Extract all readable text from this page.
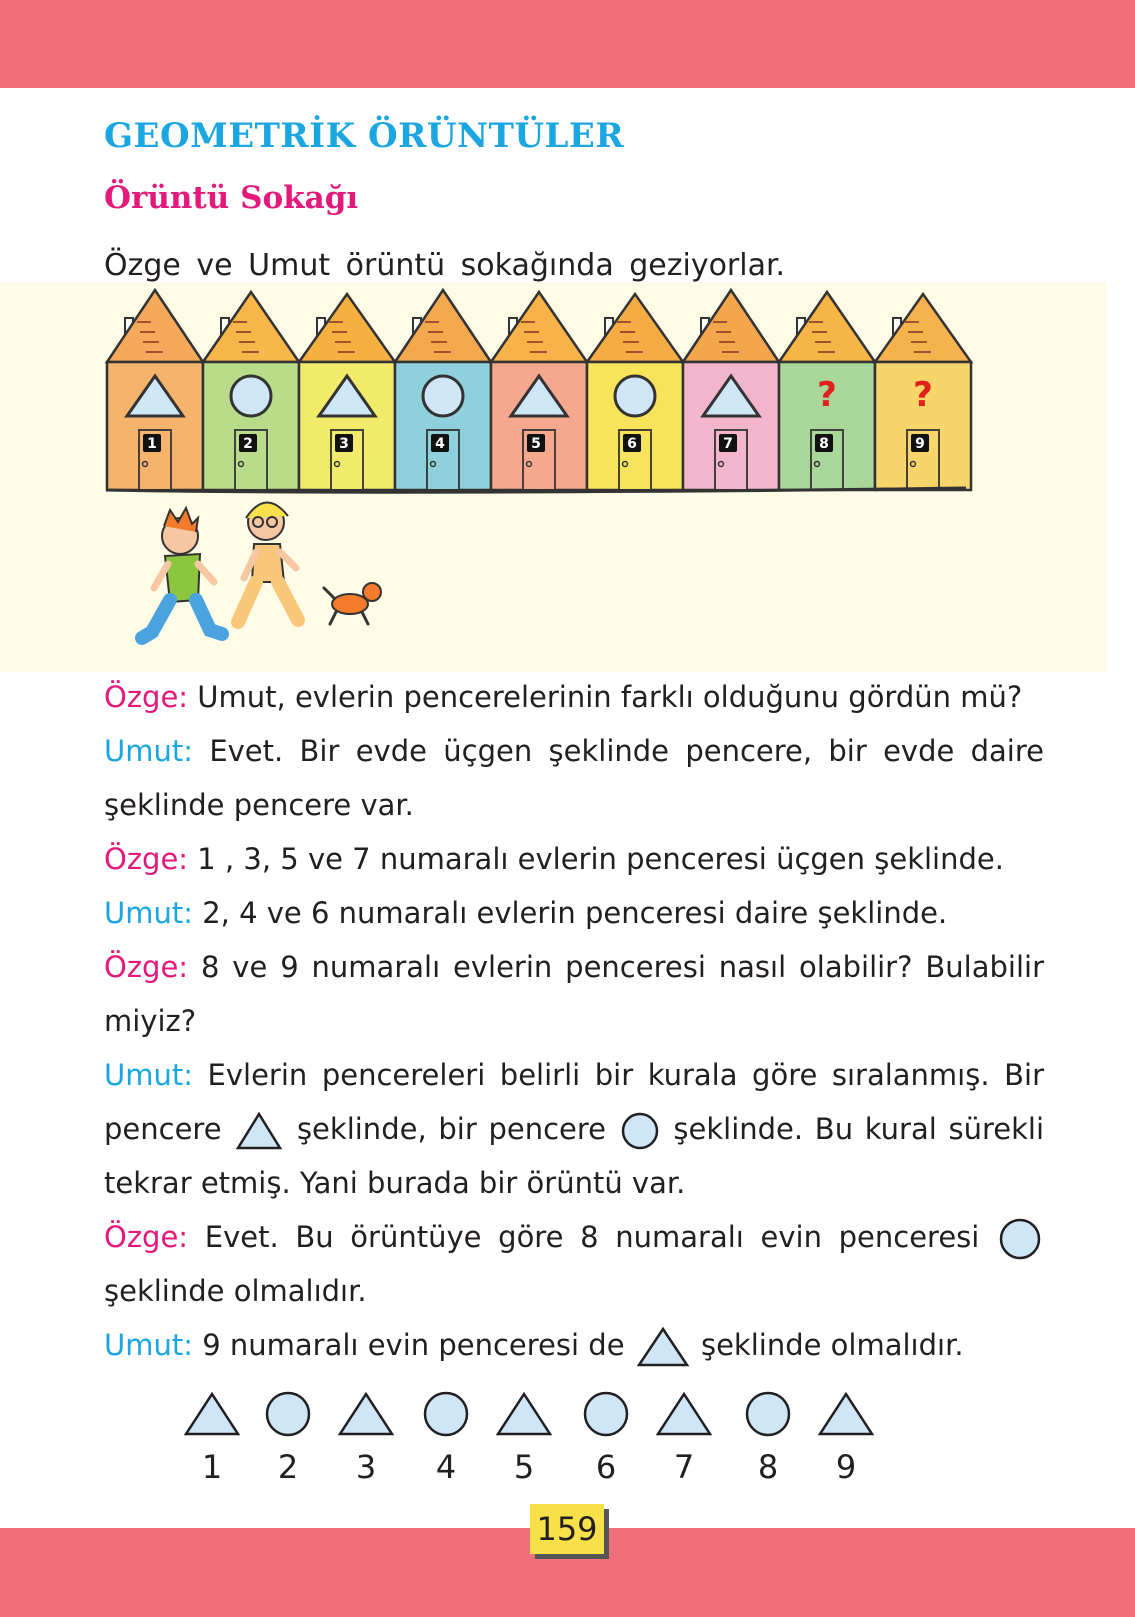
GEOMETRİK ÖRÜNTÜLER
Örüntü Sokağı
1	2	3	4	5	6	7
?
8
?
9
Özge ve Umut örüntü sokağında geziyorlar.
Özge: Umut, evlerin pencerelerinin farklı olduğunu gördün mü?
Umut: Evet. Bir evde üçgen şeklinde pencere, bir evde daire şeklinde pencere var.
Özge: 1 , 3, 5 ve 7 numaralı evlerin penceresi üçgen şeklinde.
Umut: 2, 4 ve 6 numaralı evlerin penceresi daire şeklinde.
Özge: 8 ve 9 numaralı evlerin penceresi nasıl olabilir? Bulabilir miyiz?
Umut: Evlerin pencereleri belirli bir kurala göre sıralanmış. Bir pencere	şeklinde, bir pencere şeklinde. Bu kural sürekli tekrar etmiş. Yani burada bir örüntü var.
Özge: Evet. Bu örüntüye göre 8 numaralı evin penceresi  şeklinde olmalıdır.
Umut: 9 numaralı evin penceresi de	şeklinde olmalıdır.
1	2	3	4	5	6	7	8	9
159
